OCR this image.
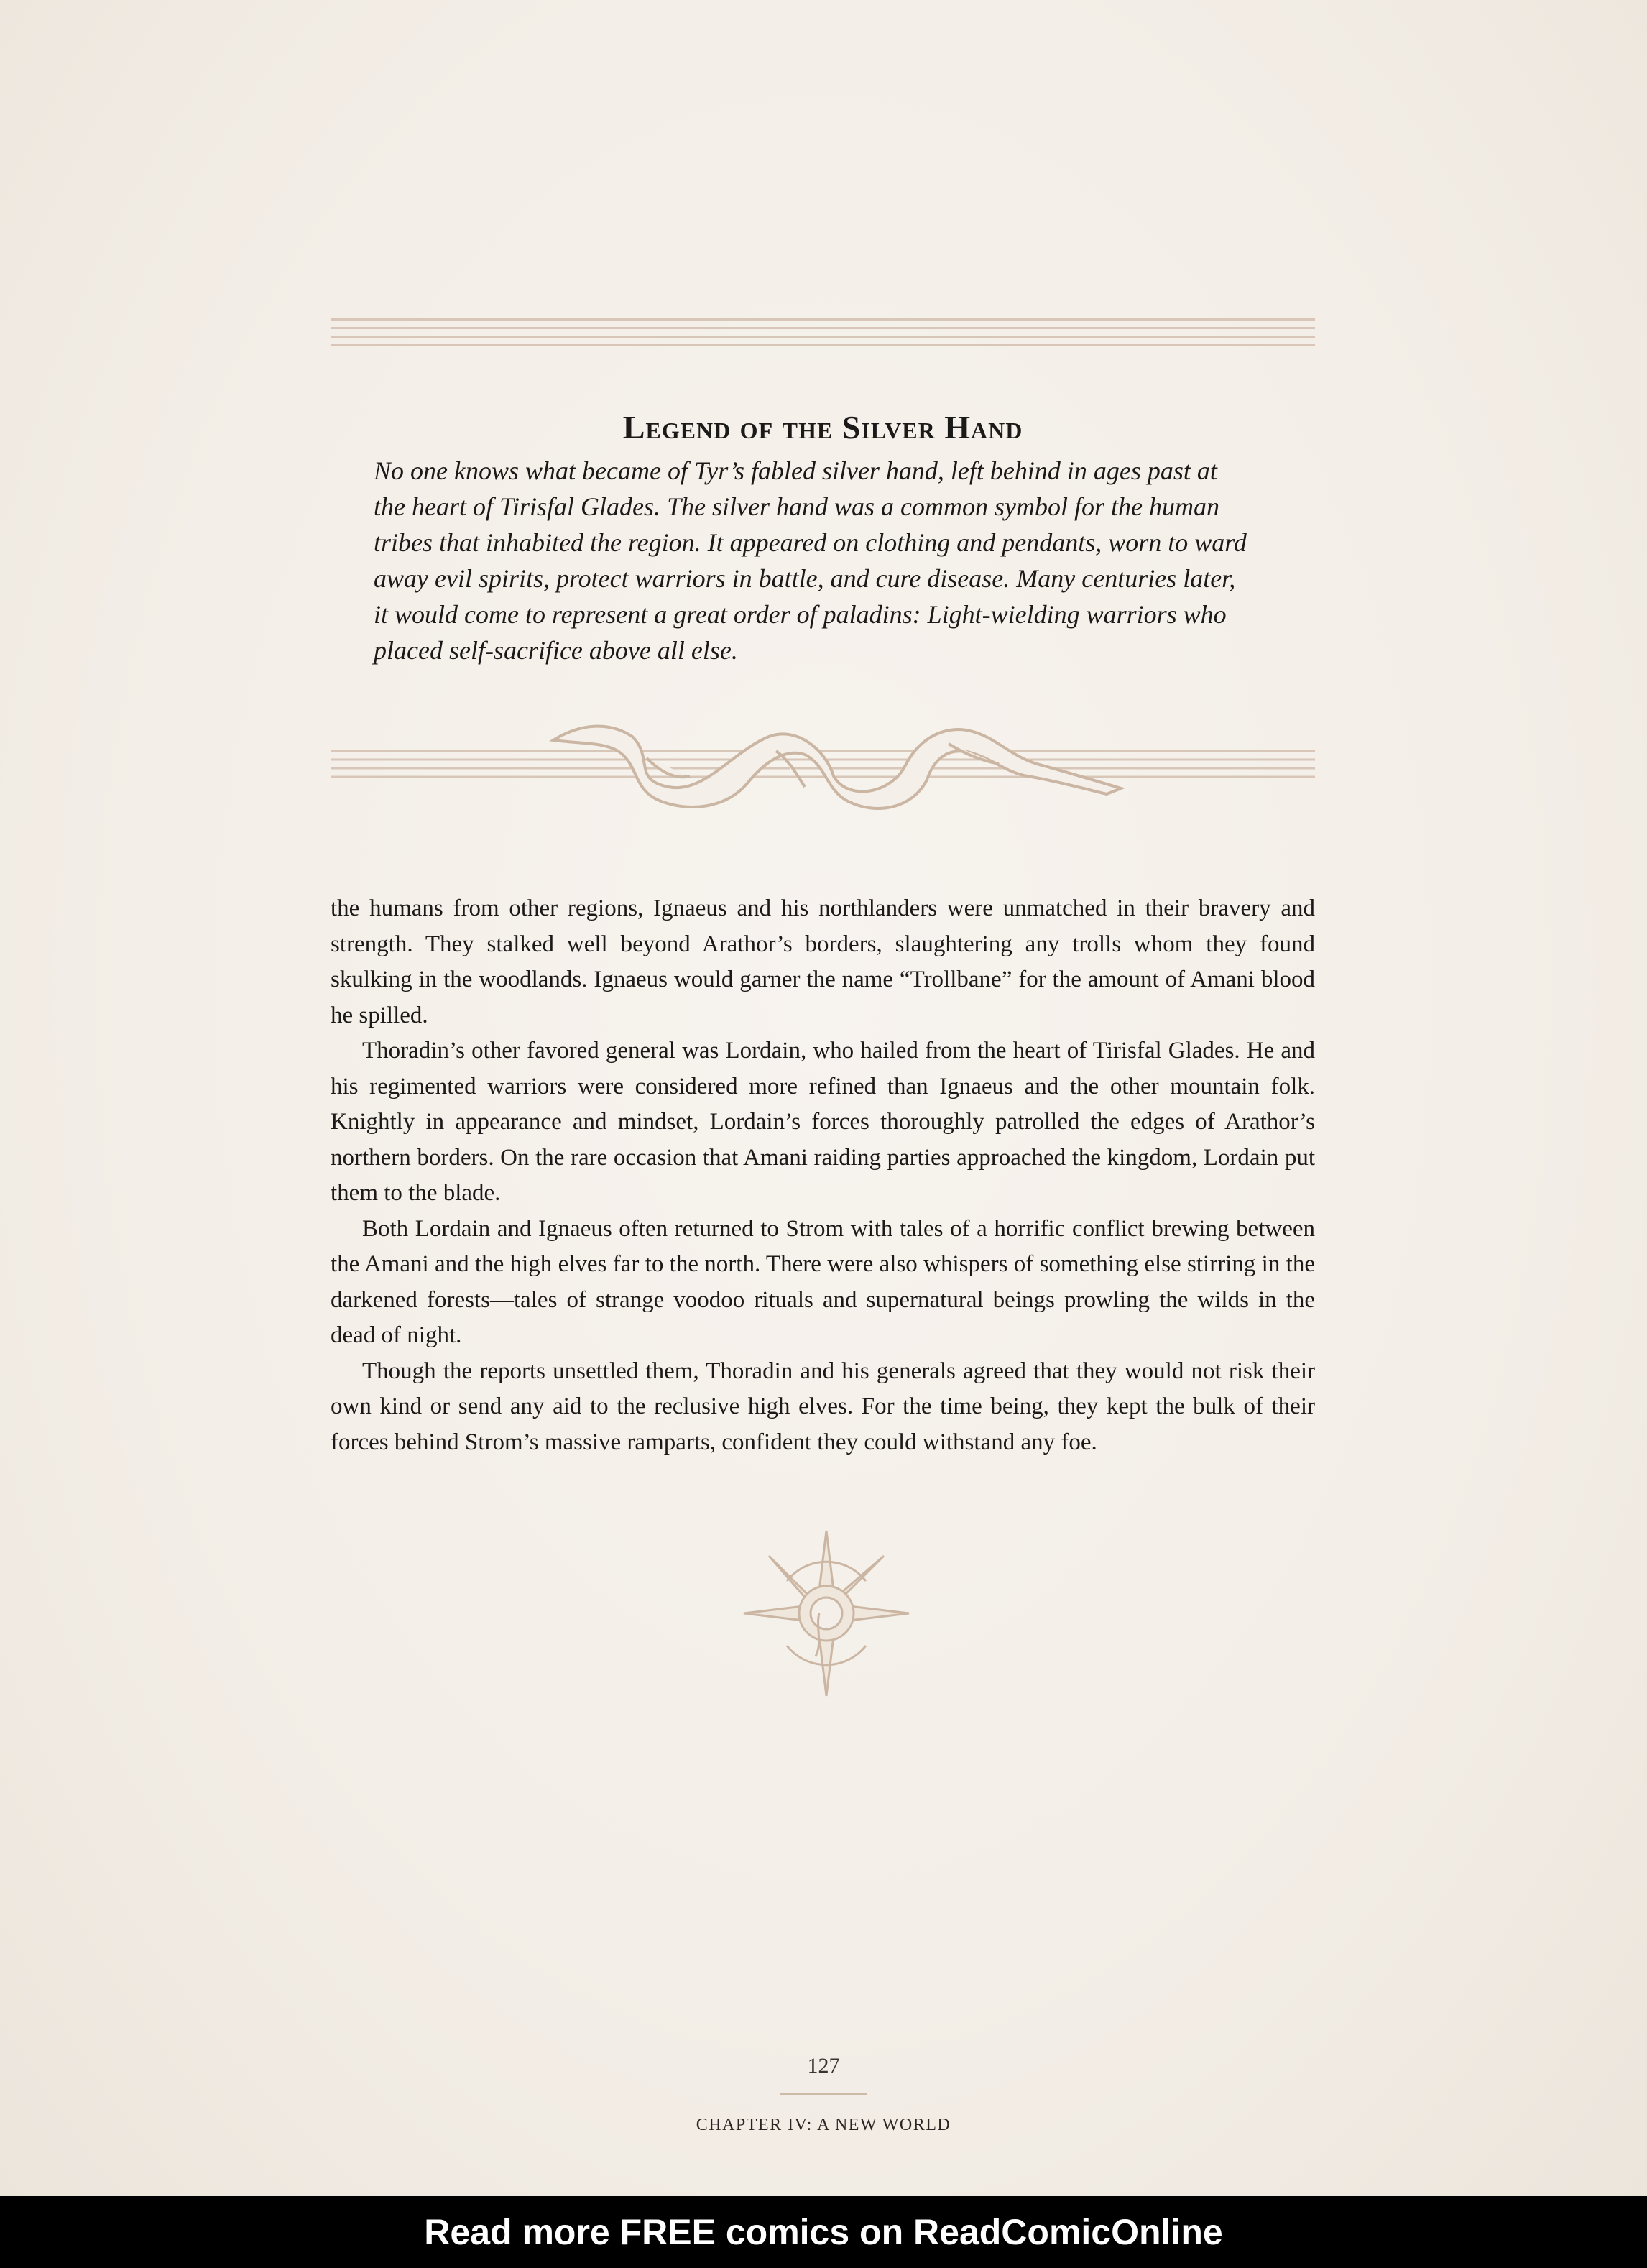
Legend of the Silver Hand
No one knows what became of Tyr’s fabled silver hand, left behind in ages past at
the heart of Tirisfal Glades. The silver hand was a common symbol for the human
tribes that inhabited the region. It appeared on clothing and pendants, worn to ward
away evil spirits, protect warriors in battle, and cure disease. Many centuries later,
it would come to represent a great order of paladins: Light-wielding warriors who
placed self-sacrifice above all else.

the humans from other regions, Ignaeus and his northlanders were unmatched in their bravery and strength. They stalked well beyond Arathor’s borders, slaughtering any trolls whom they found skulking in the woodlands. Ignaeus would garner the name “Trollbane” for the amount of Amani blood he spilled.

Thoradin’s other favored general was Lordain, who hailed from the heart of Tirisfal Glades. He and his regimented warriors were considered more refined than Ignaeus and the other mountain folk. Knightly in appearance and mindset, Lordain’s forces thoroughly patrolled the edges of Arathor’s northern borders. On the rare occasion that Amani raiding parties approached the kingdom, Lordain put them to the blade.

Both Lordain and Ignaeus often returned to Strom with tales of a horrific conflict brewing between the Amani and the high elves far to the north. There were also whispers of something else stirring in the darkened forests—tales of strange voodoo rituals and supernatural beings prowling the wilds in the dead of night.

Though the reports unsettled them, Thoradin and his generals agreed that they would not risk their own kind or send any aid to the reclusive high elves. For the time being, they kept the bulk of their forces behind Strom’s massive ramparts, confident they could withstand any foe.

127
CHAPTER IV: A NEW WORLD
Read more FREE comics on ReadComicOnline
